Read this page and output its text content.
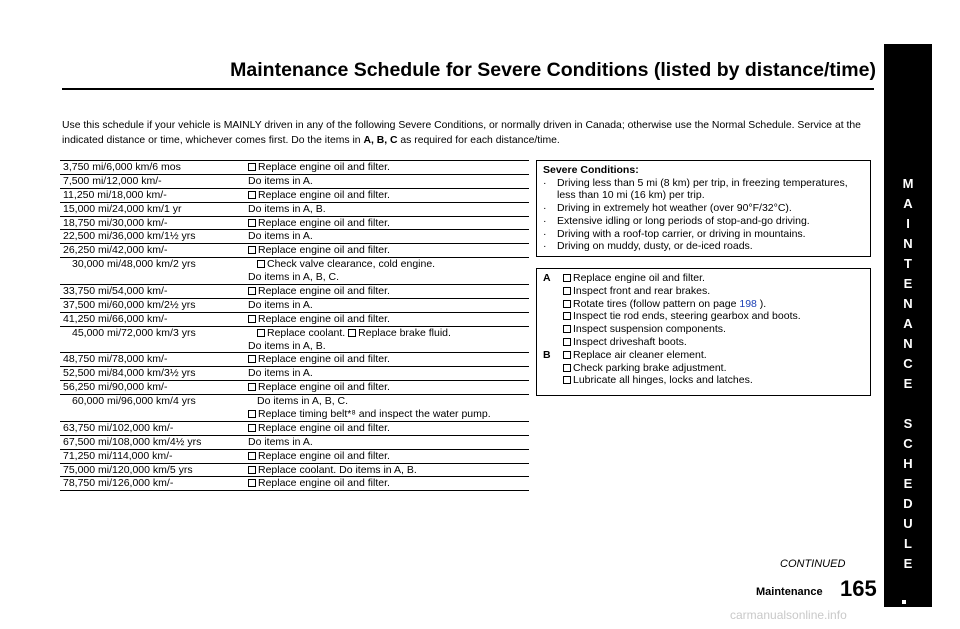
Maintenance Schedule for Severe Conditions (listed by distance/time)
Use this schedule if your vehicle is MAINLY driven in any of the following Severe Conditions, or normally driven in Canada; otherwise use the Normal Schedule. Service at the indicated distance or time, whichever comes first. Do the items in A, B, C as required for each distance/time.
3,750 mi/6,000 km/6 mos	Replace engine oil and filter.
7,500 mi/12,000 km/-	Do items in A.
11,250 mi/18,000 km/-	Replace engine oil and filter.
15,000 mi/24,000 km/1 yr	Do items in A, B.
18,750 mi/30,000 km/-	Replace engine oil and filter.
22,500 mi/36,000 km/1½ yrs	Do items in A.
26,250 mi/42,000 km/-	Replace engine oil and filter.
30,000 mi/48,000 km/2 yrs	Check valve clearance, cold engine.
Do items in A, B, C.
33,750 mi/54,000 km/-	Replace engine oil and filter.
37,500 mi/60,000 km/2½ yrs	Do items in A.
41,250 mi/66,000 km/-	Replace engine oil and filter.
45,000 mi/72,000 km/3 yrs	Replace coolant. Replace brake fluid.
Do items in A, B.
48,750 mi/78,000 km/-	Replace engine oil and filter.
52,500 mi/84,000 km/3½ yrs	Do items in A.
56,250 mi/90,000 km/-	Replace engine oil and filter.
60,000 mi/96,000 km/4 yrs	Do items in A, B, C.
Replace timing belt*⁸ and inspect the water pump.
63,750 mi/102,000 km/-	Replace engine oil and filter.
67,500 mi/108,000 km/4½ yrs	Do items in A.
71,250 mi/114,000 km/-	Replace engine oil and filter.
75,000 mi/120,000 km/5 yrs	Replace coolant. Do items in A, B.
78,750 mi/126,000 km/-	Replace engine oil and filter.
Severe Conditions:
· Driving less than 5 mi (8 km) per trip, in freezing temperatures, less than 10 mi (16 km) per trip.
· Driving in extremely hot weather (over 90°F/32°C).
· Extensive idling or long periods of stop-and-go driving.
· Driving with a roof-top carrier, or driving in mountains.
· Driving on muddy, dusty, or de-iced roads.
A	Replace engine oil and filter.
Inspect front and rear brakes.
Rotate tires (follow pattern on page 198 ).
Inspect tie rod ends, steering gearbox and boots.
Inspect suspension components.
Inspect driveshaft boots.
B	Replace air cleaner element.
Check parking brake adjustment.
Lubricate all hinges, locks and latches.
CONTINUED
Maintenance 165
M
A
I
N
T
E
N
A
N
C
E
S
C
H
E
D
U
L
E
carmanualsonline.info
